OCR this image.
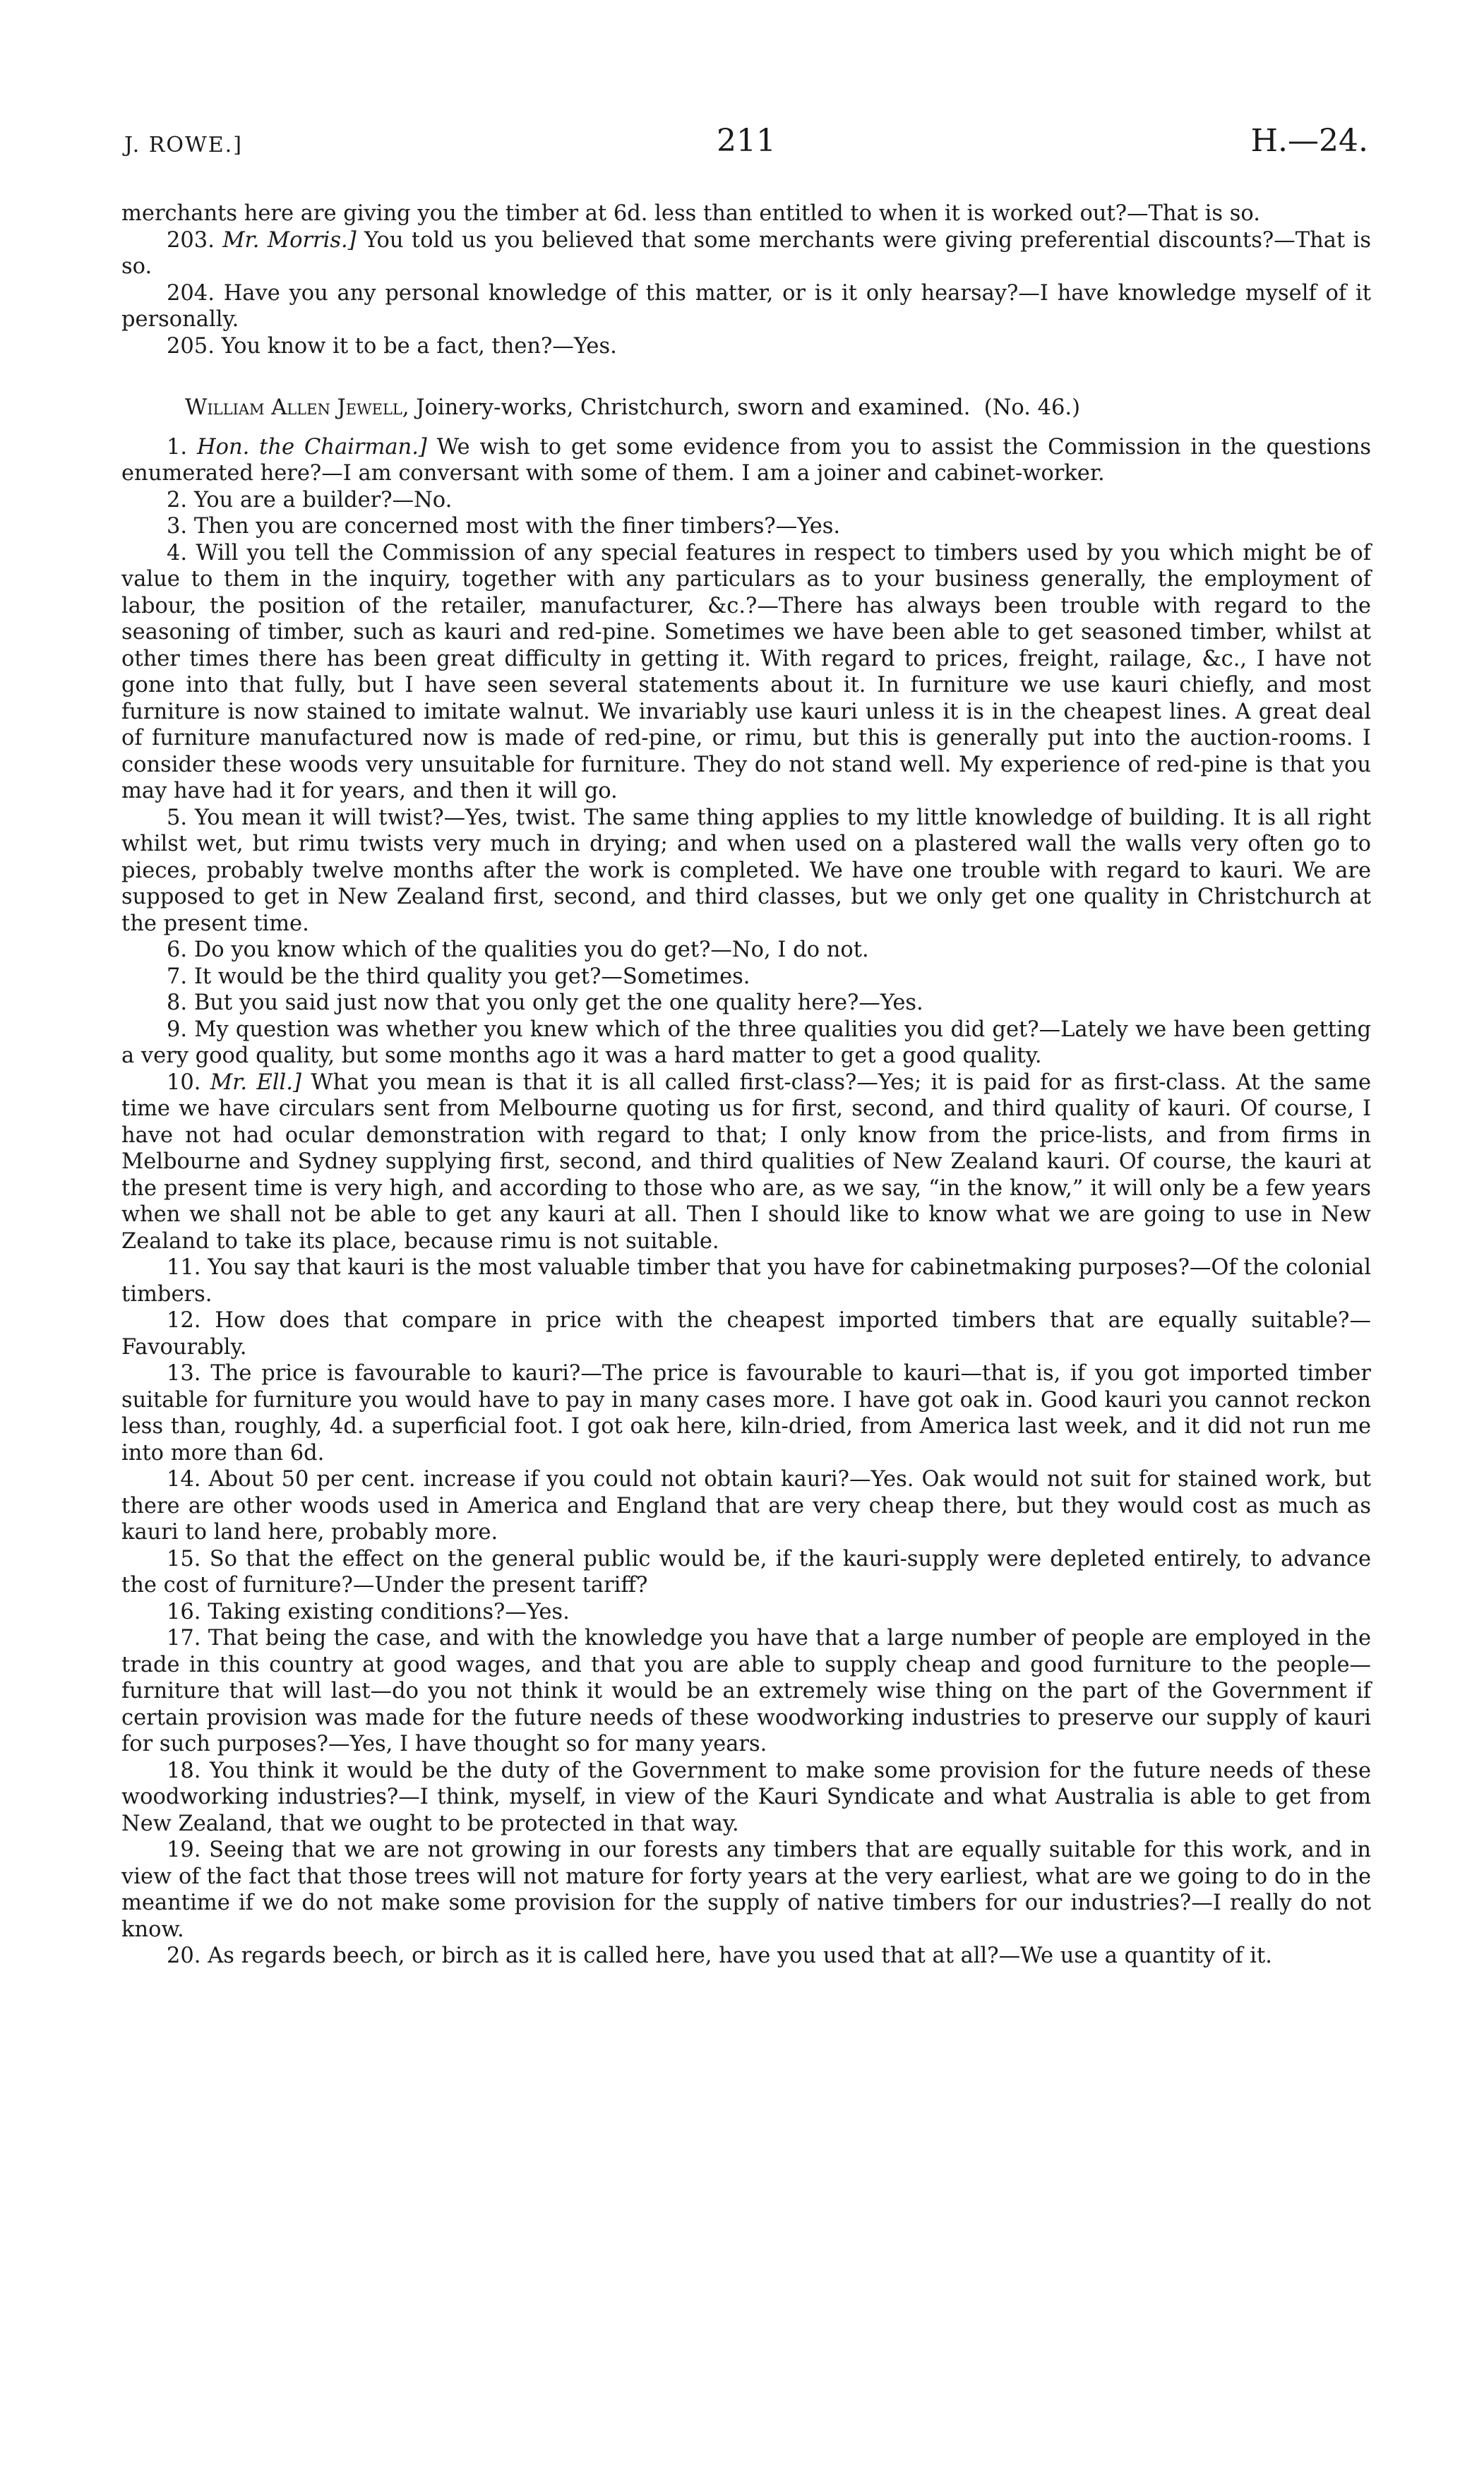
J. ROWE.]	211	H.—24.

merchants here are giving you the timber at 6d. less than entitled to when it is worked out?—That is so.

203. Mr. Morris.] You told us you believed that some merchants were giving preferential discounts?—That is so.

204. Have you any personal knowledge of this matter, or is it only hearsay?—I have knowledge myself of it personally.

205. You know it to be a fact, then?—Yes.

William Allen Jewell, Joinery-works, Christchurch, sworn and examined. (No. 46.)

1. Hon. the Chairman.] We wish to get some evidence from you to assist the Commission in the questions enumerated here?—I am conversant with some of them. I am a joiner and cabinet-worker.

2. You are a builder?—No.

3. Then you are concerned most with the finer timbers?—Yes.

4. Will you tell the Commission of any special features in respect to timbers used by you which might be of value to them in the inquiry, together with any particulars as to your business generally, the employment of labour, the position of the retailer, manufacturer, &c.?—There has always been trouble with regard to the seasoning of timber, such as kauri and red-pine. Sometimes we have been able to get seasoned timber, whilst at other times there has been great difficulty in getting it. With regard to prices, freight, railage, &c., I have not gone into that fully, but I have seen several statements about it. In furniture we use kauri chiefly, and most furniture is now stained to imitate walnut. We invariably use kauri unless it is in the cheapest lines. A great deal of furniture manufactured now is made of red-pine, or rimu, but this is generally put into the auction-rooms. I consider these woods very unsuitable for furniture. They do not stand well. My experience of red-pine is that you may have had it for years, and then it will go.

5. You mean it will twist?—Yes, twist. The same thing applies to my little knowledge of building. It is all right whilst wet, but rimu twists very much in drying; and when used on a plastered wall the walls very often go to pieces, probably twelve months after the work is completed. We have one trouble with regard to kauri. We are supposed to get in New Zealand first, second, and third classes, but we only get one quality in Christchurch at the present time.

6. Do you know which of the qualities you do get?—No, I do not.

7. It would be the third quality you get?—Sometimes.

8. But you said just now that you only get the one quality here?—Yes.

9. My question was whether you knew which of the three qualities you did get?—Lately we have been getting a very good quality, but some months ago it was a hard matter to get a good quality.

10. Mr. Ell.] What you mean is that it is all called first-class?—Yes; it is paid for as first-class. At the same time we have circulars sent from Melbourne quoting us for first, second, and third quality of kauri. Of course, I have not had ocular demonstration with regard to that; I only know from the price-lists, and from firms in Melbourne and Sydney supplying first, second, and third qualities of New Zealand kauri. Of course, the kauri at the present time is very high, and according to those who are, as we say, “in the know,” it will only be a few years when we shall not be able to get any kauri at all. Then I should like to know what we are going to use in New Zealand to take its place, because rimu is not suitable.

11. You say that kauri is the most valuable timber that you have for cabinetmaking purposes?—Of the colonial timbers.

12. How does that compare in price with the cheapest imported timbers that are equally suitable?—Favourably.

13. The price is favourable to kauri?—The price is favourable to kauri—that is, if you got imported timber suitable for furniture you would have to pay in many cases more. I have got oak in. Good kauri you cannot reckon less than, roughly, 4d. a superficial foot. I got oak here, kiln-dried, from America last week, and it did not run me into more than 6d.

14. About 50 per cent. increase if you could not obtain kauri?—Yes. Oak would not suit for stained work, but there are other woods used in America and England that are very cheap there, but they would cost as much as kauri to land here, probably more.

15. So that the effect on the general public would be, if the kauri-supply were depleted entirely, to advance the cost of furniture?—Under the present tariff?

16. Taking existing conditions?—Yes.

17. That being the case, and with the knowledge you have that a large number of people are employed in the trade in this country at good wages, and that you are able to supply cheap and good furniture to the people—furniture that will last—do you not think it would be an extremely wise thing on the part of the Government if certain provision was made for the future needs of these woodworking industries to preserve our supply of kauri for such purposes?—Yes, I have thought so for many years.

18. You think it would be the duty of the Government to make some provision for the future needs of these woodworking industries?—I think, myself, in view of the Kauri Syndicate and what Australia is able to get from New Zealand, that we ought to be protected in that way.

19. Seeing that we are not growing in our forests any timbers that are equally suitable for this work, and in view of the fact that those trees will not mature for forty years at the very earliest, what are we going to do in the meantime if we do not make some provision for the supply of native timbers for our industries?—I really do not know.

20. As regards beech, or birch as it is called here, have you used that at all?—We use a quantity of it.
